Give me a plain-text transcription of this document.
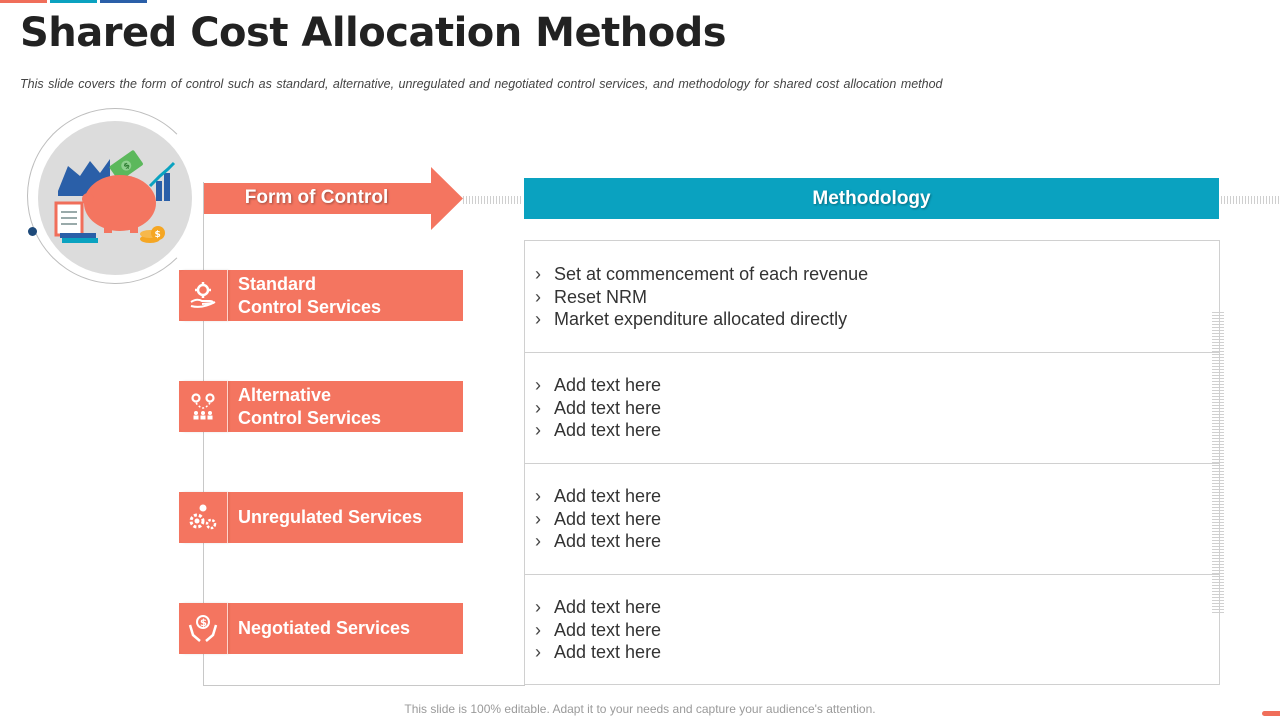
Shared Cost Allocation Methods
This slide covers the form of control such as standard, alternative, unregulated and negotiated control services, and methodology for shared cost allocation method
$
$
Form of Control	Methodology
Standard
Control Services
Alternative
Control Services
Unregulated Services
$ Negotiated Services
› Set at commencement of each revenue
› Reset NRM
› Market expenditure allocated directly
› Add text here
› Add text here
› Add text here
› Add text here
› Add text here
› Add text here
› Add text here
› Add text here
› Add text here
This slide is 100% editable. Adapt it to your needs and capture your audience's attention.
